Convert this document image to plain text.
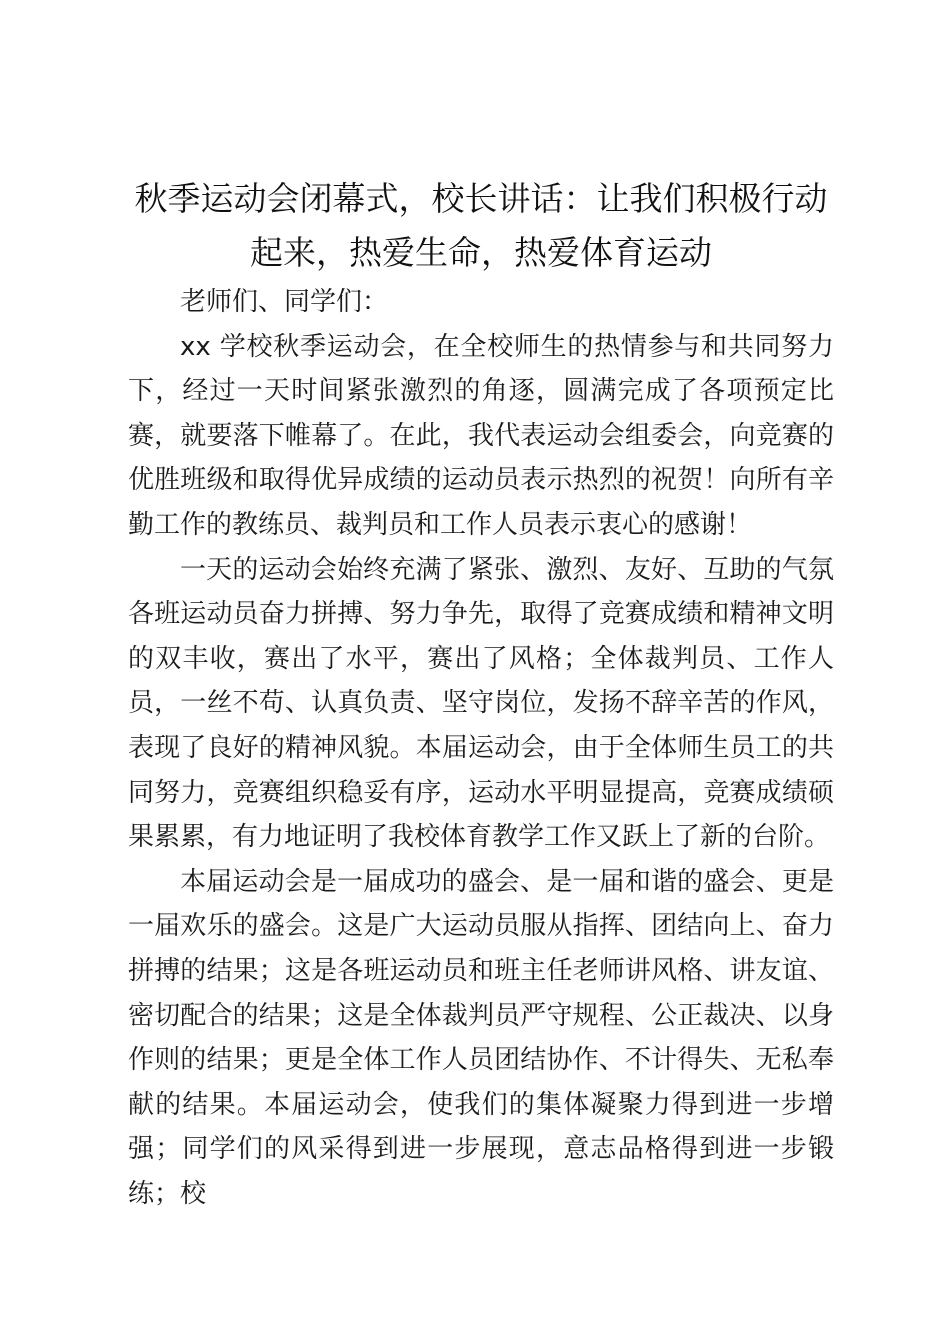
秋季运动会闭幕式，校长讲话：让我们积极行动起来，热爱生命，热爱体育运动

老师们、同学们：

xx 学校秋季运动会，在全校师生的热情参与和共同努力下，经过一天时间紧张激烈的角逐，圆满完成了各项预定比赛，就要落下帷幕了。在此，我代表运动会组委会，向竞赛的优胜班级和取得优异成绩的运动员表示热烈的祝贺！向所有辛勤工作的教练员、裁判员和工作人员表示衷心的感谢！

一天的运动会始终充满了紧张、激烈、友好、互助的气氛各班运动员奋力拼搏、努力争先，取得了竞赛成绩和精神文明的双丰收，赛出了水平，赛出了风格；全体裁判员、工作人员，一丝不苟、认真负责、坚守岗位，发扬不辞辛苦的作风，表现了良好的精神风貌。本届运动会，由于全体师生员工的共同努力，竞赛组织稳妥有序，运动水平明显提高，竞赛成绩硕果累累，有力地证明了我校体育教学工作又跃上了新的台阶。

本届运动会是一届成功的盛会、是一届和谐的盛会、更是一届欢乐的盛会。这是广大运动员服从指挥、团结向上、奋力拼搏的结果；这是各班运动员和班主任老师讲风格、讲友谊、密切配合的结果；这是全体裁判员严守规程、公正裁决、以身作则的结果；更是全体工作人员团结协作、不计得失、无私奉献的结果。本届运动会，使我们的集体凝聚力得到进一步增强；同学们的风采得到进一步展现，意志品格得到进一步锻练；校
